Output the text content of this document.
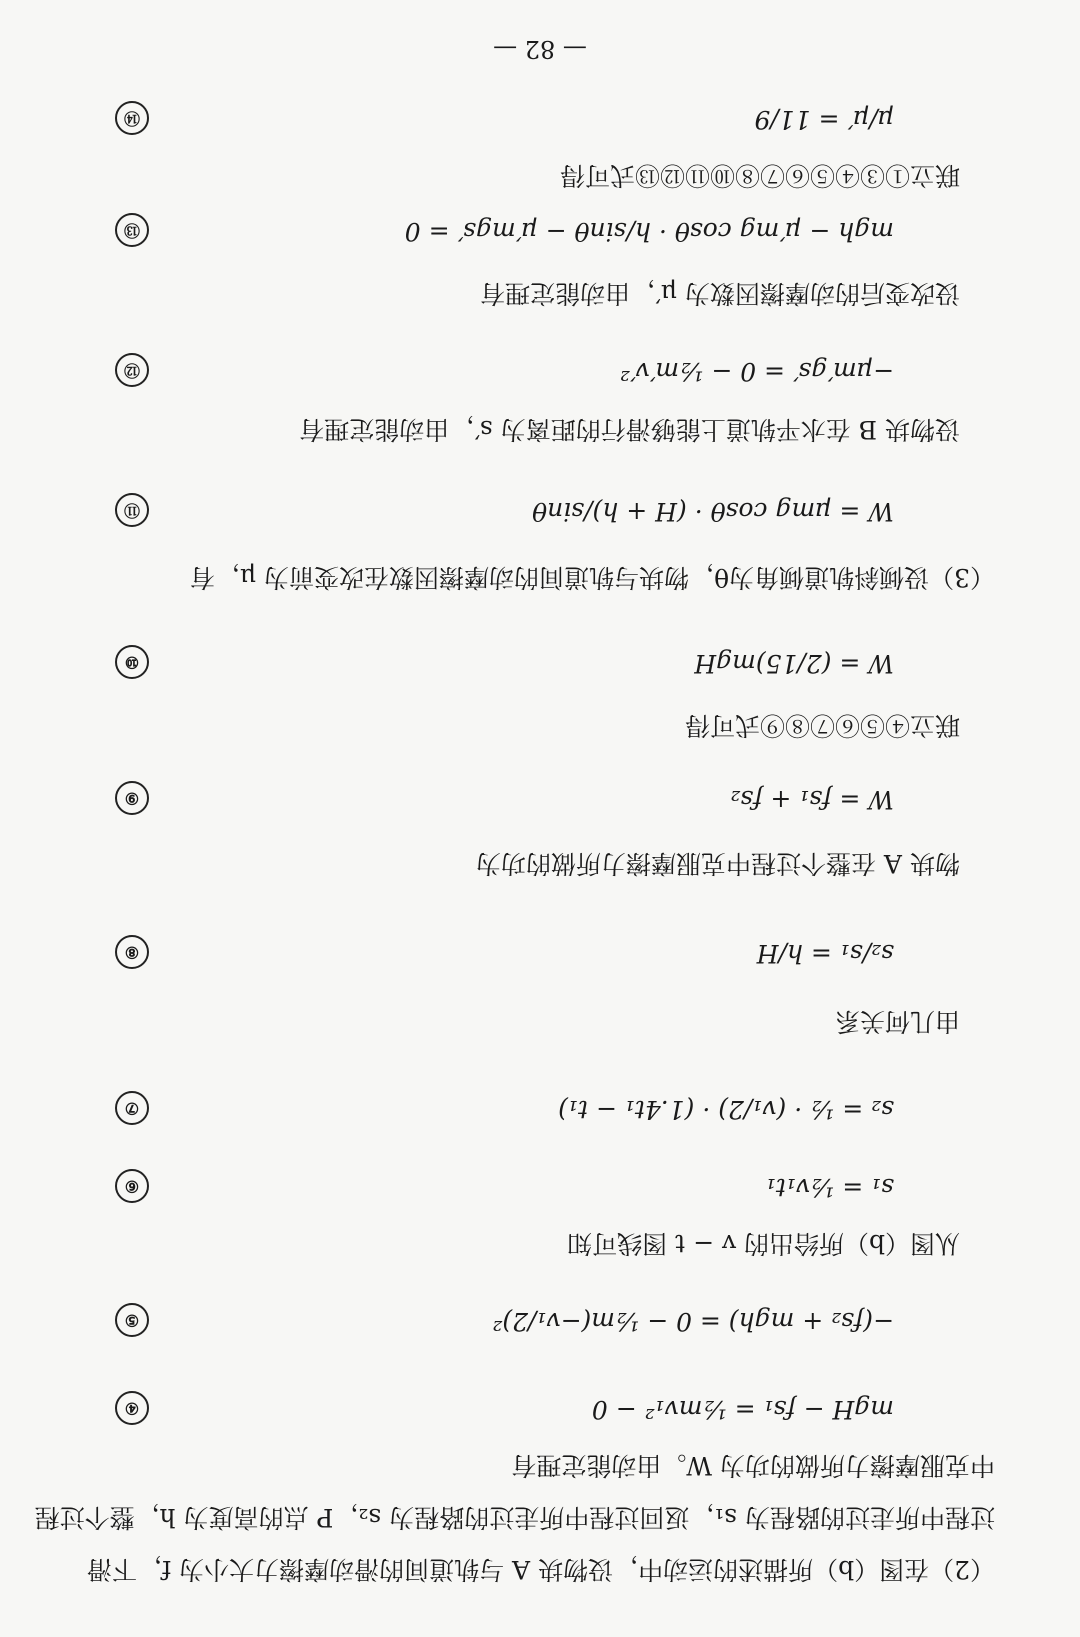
（2）在图（b）所描述的运动中，设物块 A 与轨道间的滑动摩擦力大小为 f，下滑
过程中所走过的路程为 s₁，返回过程中所走过的路程为 s₂，P 点的高度为 h，整个过程
中克服摩擦力所做的功为 W。由动能定理有
mgH − fs₁ = ½mv₁² − 0
④
−(fs₂ + mgh) = 0 − ½m(−v₁/2)²
⑤
从图（b）所给出的 v − t 图线可知
s₁ = ½v₁t₁
⑥
s₂ = ½ · (v₁/2) · (1.4t₁ − t₁)
⑦
由几何关系
s₂/s₁ = h/H
⑧
物块 A 在整个过程中克服摩擦力所做的功为
W = fs₁ + fs₂
⑨
联立④⑤⑥⑦⑧⑨式可得
W = (2/15)mgH
⑩
（3）设倾斜轨道倾角为θ，物块与轨道间的动摩擦因数在改变前为 μ，有
W = μmg cosθ · (H + h)/sinθ
⑪
设物块 B 在水平轨道上能够滑行的距离为 s′，由动能定理有
−μm′gs′ = 0 − ½m′v′²
⑫
设改变后的动摩擦因数为 μ′，由动能定理有
mgh − μ′mg cosθ · h/sinθ − μ′mgs′ = 0
⑬
联立①③④⑤⑥⑦⑧⑩⑪⑫⑬式可得
μ/μ′ = 11/9
⑭
— 82 —
